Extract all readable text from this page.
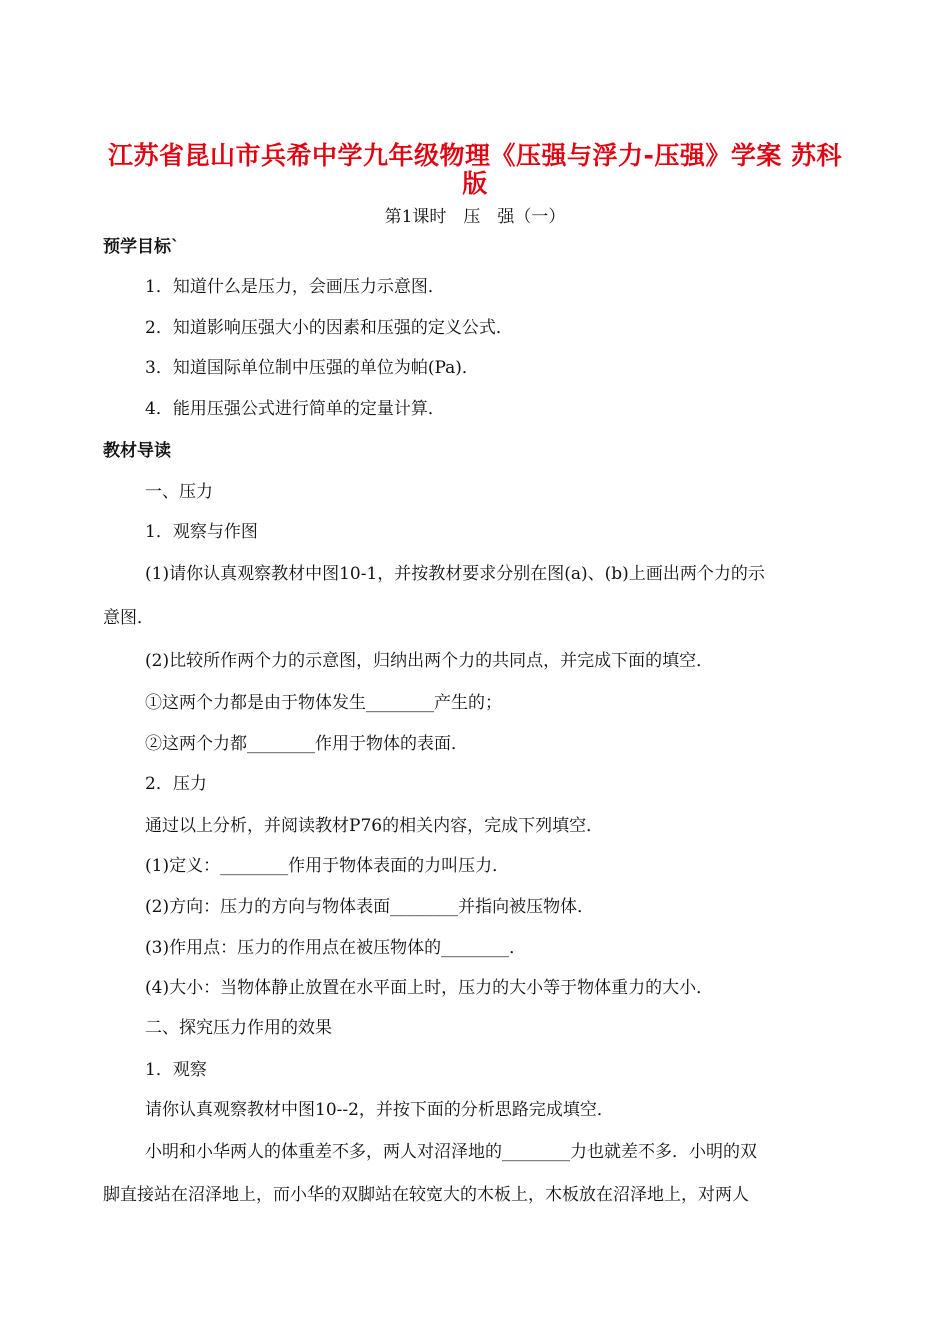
江苏省昆山市兵希中学九年级物理《压强与浮力-压强》学案 苏科版
第1课时　压　强（一）
预学目标`
1．知道什么是压力，会画压力示意图．
2．知道影响压强大小的因素和压强的定义公式．
3．知道国际单位制中压强的单位为帕(Pa)．
4．能用压强公式进行简单的定量计算．
教材导读
一、压力
1．观察与作图
(1)请你认真观察教材中图10-1，并按教材要求分别在图(a)、(b)上画出两个力的示
意图．
(2)比较所作两个力的示意图，归纳出两个力的共同点，并完成下面的填空．
①这两个力都是由于物体发生________产生的；
②这两个力都________作用于物体的表面．
2．压力
通过以上分析，并阅读教材P76的相关内容，完成下列填空．
(1)定义：________作用于物体表面的力叫压力．
(2)方向：压力的方向与物体表面________并指向被压物体．
(3)作用点：压力的作用点在被压物体的________．
(4)大小：当物体静止放置在水平面上时，压力的大小等于物体重力的大小．
二、探究压力作用的效果
1．观察
请你认真观察教材中图10--2，并按下面的分析思路完成填空．
小明和小华两人的体重差不多，两人对沼泽地的________力也就差不多．小明的双
脚直接站在沼泽地上，而小华的双脚站在较宽大的木板上，木板放在沼泽地上，对两人
